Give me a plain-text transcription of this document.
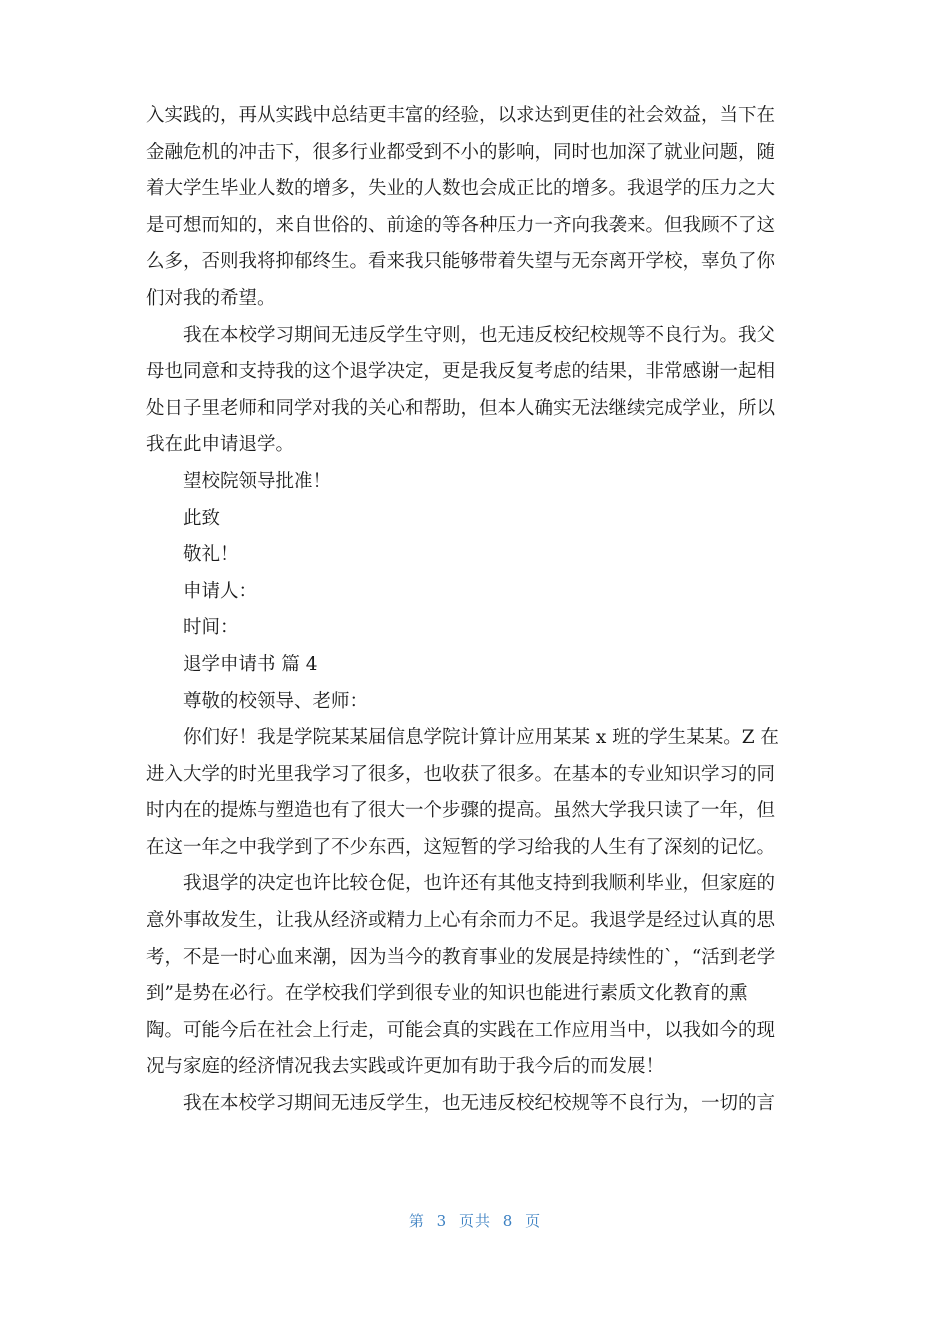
入实践的，再从实践中总结更丰富的经验，以求达到更佳的社会效益，当下在
金融危机的冲击下，很多行业都受到不小的影响，同时也加深了就业问题，随
着大学生毕业人数的增多，失业的人数也会成正比的增多。我退学的压力之大
是可想而知的，来自世俗的、前途的等各种压力一齐向我袭来。但我顾不了这
么多，否则我将抑郁终生。看来我只能够带着失望与无奈离开学校，辜负了你
们对我的希望。

我在本校学习期间无违反学生守则，也无违反校纪校规等不良行为。我父
母也同意和支持我的这个退学决定，更是我反复考虑的结果，非常感谢一起相
处日子里老师和同学对我的关心和帮助，但本人确实无法继续完成学业，所以
我在此申请退学。

望校院领导批准！

此致

敬礼！

申请人：

时间：

退学申请书 篇 4

尊敬的校领导、老师：

你们好！我是学院某某届信息学院计算计应用某某 x 班的学生某某。Z 在
进入大学的时光里我学习了很多，也收获了很多。在基本的专业知识学习的同
时内在的提炼与塑造也有了很大一个步骤的提高。虽然大学我只读了一年，但
在这一年之中我学到了不少东西，这短暂的学习给我的人生有了深刻的记忆。

我退学的决定也许比较仓促，也许还有其他支持到我顺利毕业，但家庭的
意外事故发生，让我从经济或精力上心有余而力不足。我退学是经过认真的思
考，不是一时心血来潮，因为当今的教育事业的发展是持续性的`，“活到老学
到”是势在必行。在学校我们学到很专业的知识也能进行素质文化教育的熏
陶。可能今后在社会上行走，可能会真的实践在工作应用当中，以我如今的现
况与家庭的经济情况我去实践或许更加有助于我今后的而发展！

我在本校学习期间无违反学生，也无违反校纪校规等不良行为，一切的言

第 3 页共 8 页
